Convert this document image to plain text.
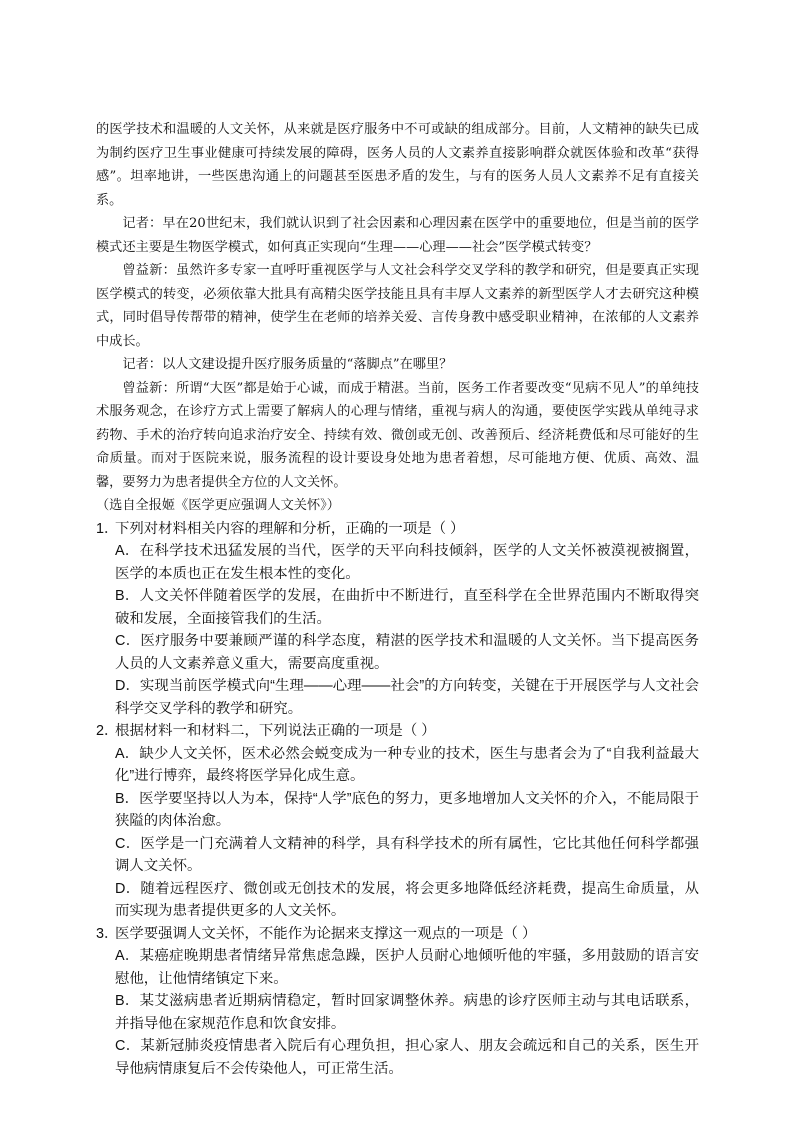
的医学技术和温暖的人文关怀，从来就是医疗服务中不可或缺的组成部分。目前，人文精神的缺失已成为制约医疗卫生事业健康可持续发展的障碍，医务人员的人文素养直接影响群众就医体验和改革“获得感”。坦率地讲，一些医患沟通上的问题甚至医患矛盾的发生，与有的医务人员人文素养不足有直接关系。

记者：早在20世纪末，我们就认识到了社会因素和心理因素在医学中的重要地位，但是当前的医学模式还主要是生物医学模式，如何真正实现向“生理——心理——社会”医学模式转变？

曾益新：虽然许多专家一直呼吁重视医学与人文社会科学交叉学科的教学和研究，但是要真正实现医学模式的转变，必须依靠大批具有高精尖医学技能且具有丰厚人文素养的新型医学人才去研究这种模式，同时倡导传帮带的精神，使学生在老师的培养关爱、言传身教中感受职业精神，在浓郁的人文素养中成长。

记者：以人文建设提升医疗服务质量的“落脚点”在哪里？

曾益新：所谓“大医”都是始于心诚，而成于精湛。当前，医务工作者要改变“见病不见人”的单纯技术服务观念，在诊疗方式上需要了解病人的心理与情绪，重视与病人的沟通，要使医学实践从单纯寻求药物、手术的治疗转向追求治疗安全、持续有效、微创或无创、改善预后、经济耗费低和尽可能好的生命质量。而对于医院来说，服务流程的设计要设身处地为患者着想，尽可能地方便、优质、高效、温馨，要努力为患者提供全方位的人文关怀。

（选自全报姬《医学更应强调人文关怀》）

1．
下列对材料相关内容的理解和分析，正确的一项是（ ）

A．在科学技术迅猛发展的当代，医学的天平向科技倾斜，医学的人文关怀被漠视被搁置，医学的本质也正在发生根本性的变化。

B．人文关怀伴随着医学的发展，在曲折中不断进行，直至科学在全世界范围内不断取得突破和发展，全面接管我们的生活。

C．医疗服务中要兼顾严谨的科学态度，精湛的医学技术和温暖的人文关怀。当下提高医务人员的人文素养意义重大，需要高度重视。

D．实现当前医学模式向“生理——心理——社会”的方向转变，关键在于开展医学与人文社会科学交叉学科的教学和研究。

2．
根据材料一和材料二，下列说法正确的一项是（ ）

A．缺少人文关怀，医术必然会蜕变成为一种专业的技术，医生与患者会为了“自我利益最大化”进行博弈，最终将医学异化成生意。

B．医学要坚持以人为本，保持“人学”底色的努力，更多地增加人文关怀的介入，不能局限于狭隘的肉体治愈。

C．医学是一门充满着人文精神的科学，具有科学技术的所有属性，它比其他任何科学都强调人文关怀。

D．随着远程医疗、微创或无创技术的发展，将会更多地降低经济耗费，提高生命质量，从而实现为患者提供更多的人文关怀。

3．
医学要强调人文关怀，不能作为论据来支撑这一观点的一项是（ ）

A．某癌症晚期患者情绪异常焦虑急躁，医护人员耐心地倾听他的牢骚，多用鼓励的语言安慰他，让他情绪镇定下来。

B．某艾滋病患者近期病情稳定，暂时回家调整休养。病患的诊疗医师主动与其电话联系，并指导他在家规范作息和饮食安排。

C．某新冠肺炎疫情患者入院后有心理负担，担心家人、朋友会疏远和自己的关系，医生开导他病情康复后不会传染他人，可正常生活。
